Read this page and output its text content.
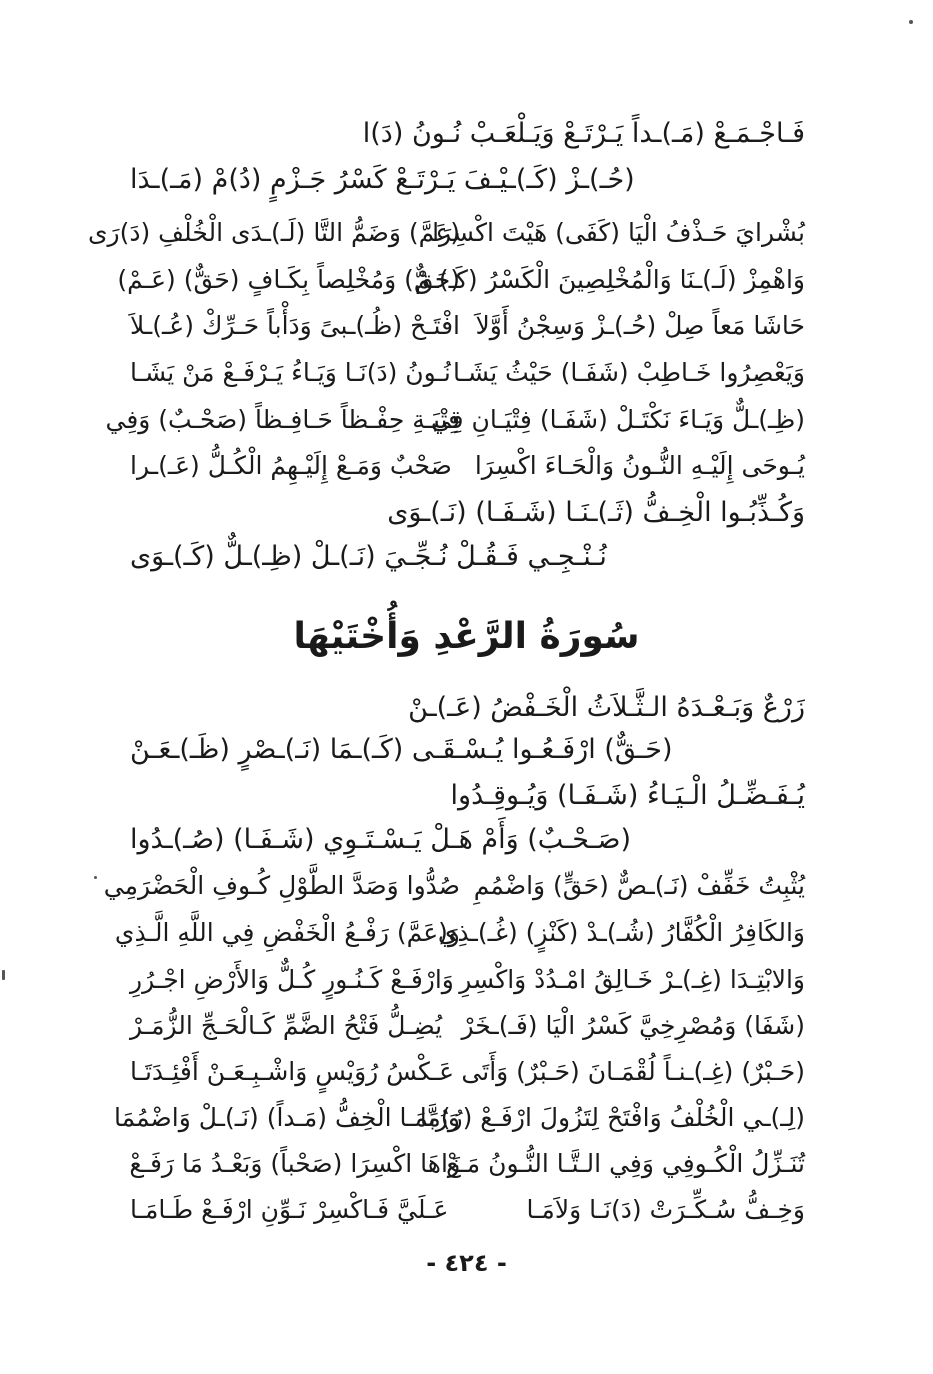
فَـاجْـمَـعْ (مَـ)ـداً يَـرْتَـعْ وَيَـلْعَـبْ نُـونُ (دَ)ا
(حُـ)ـزْ (كَـ)ـيْـفَ يَـرْتَـعْ كَسْرُ جَـزْمٍ (دُ)مْ (مَـ)ـدَا
بُشْرايَ حَـذْفُ الْيَا (كَفَى) هَيْتَ اكْسِرَا
(عَمَّ) وَضَمُّ التَّا (لَـ)ـدَى الْخُلْفِ (دَ)رَى
وَاهْمِزْ (لَـ)ـنَا وَالْمُخْلِصِينَ الْكَسْرُ (كَـ)ـمْ
(حَقٌّ) وَمُخْلِصاً بِكَـافٍ (حَقٌّ) (عَـمْ)
حَاشَا مَعاً صِلْ (حُـ)ـزْ وَسِجْنُ أَوَّلاَ
افْتَـحْ (ظُـ)ـبىً وَدَأْباً حَـرِّكْ (عُـ)ـلاَ
وَيَعْصِرُوا خَـاطِبْ (شَفَـا) حَيْثُ يَشَـا
نُـونُ (دَ)نَـا وَيَـاءُ يَـرْفَـعْ مَنْ يَشَـا
(ظِـ)ـلٌّ وَيَـاءَ نَكْتَـلْ (شَفَـا) فِتْيَـانِ فِي
فِتْيَـةِ حِفْـظاً حَـافِـظاً (صَحْـبٌ) وَفِي
يُـوحَى إِلَيْـهِ النُّـونُ وَالْحَـاءَ اكْسِرَا
صَحْبٌ وَمَـعْ إِلَيْـهِمُ الْكُـلُّ (عَـ)ـرا
وَكُـذِّبُـوا الْخِـفُّ (ثَـ)ـنَـا (شَـفَـا) (نَـ)ـوَى
نُـنْـجِـي فَـقُـلْ نُـجِّـيَ (نَـ)ـلْ (ظِـ)ـلٌّ (كَـ)ـوَى
سُورَةُ الرَّعْدِ وَأُخْتَيْهَا
زَرْعٌ وَبَـعْـدَهُ الـثَّـلاَثُ الْخَـفْضُ (عَـ)ـنْ
(حَـقٌّ) ارْفَـعُـوا يُـسْـقَـى (كَـ)ـمَا (نَـ)ـصْرٍ (ظَـ)ـعَـنْ
يُـفَـضِّـلُ الْـيَـاءُ (شَـفَـا) وَيُـوقِـدُوا
(صَـحْـبٌ) وَأَمْ هَـلْ يَـسْـتَـوِي (شَـفَـا) (صُـ)ـدُوا
يُثْبِتُ خَفِّفْ (نَـ)ـصٌّ (حَقٍّ) وَاضْمُمِ
صُدُّوا وَصَدَّ الطَّوْلِ كُـوفِ الْحَضْرَمِي
وَالكَافِرُ الْكُفَّارُ (شُـ)ـدْ (كَنْزٍ) (غُـ)ـذِي
وَ(عَمَّ) رَفْـعُ الْخَفْضِ فِي اللَّهِ الَّـذِي
وَالابْتِـدَا (غِـ)ـرْ خَـالِقُ امْـدُدْ وَاكْسِرِ
وَارْفَـعْ كَـنُـورٍ كُـلٌّ وَالأَرْضِ اجْـرُرِ
(شَفَا) وَمُصْرِخِيَّ كَسْرُ الْيَا (فَـ)ـخَرْ
يُضِـلُّ فَتْحُ الضَّمِّ كَـالْحَـجِّ الزُّمَـرْ
(حَـبْرٌ) (غِـ)ـنـاً لُقْمَـانَ (حَـبْرٌ) وَأَتَى
عَـكْسُ رُوَيْسٍ وَاشْـبِـعَـنْ أَفْئِـدَتَـا
(لِـ)ـي الْخُلْفُ وَافْتَحْ لِتَزُولَ ارْفَـعْ (رُ)مَا
وَرُبَّمَـا الْخِفُّ (مَـداً) (نَـ)ـلْ وَاضْمُمَا
تُنَـزِّلُ الْكُـوفِي وَفِي الـتَّـا النُّـونُ مَـعْ
زَاهَا اكْسِرَا (صَحْباً) وَبَعْـدُ مَا رَفَـعْ
وَخِـفُّ سُـكِّـرَتْ (دَ)نَـا وَلاَمَـا
عَـلَيَّ فَـاكْسِرْ نَـوِّنِ ارْفَـعْ طَـامَـا
- ٤٢٤ -
